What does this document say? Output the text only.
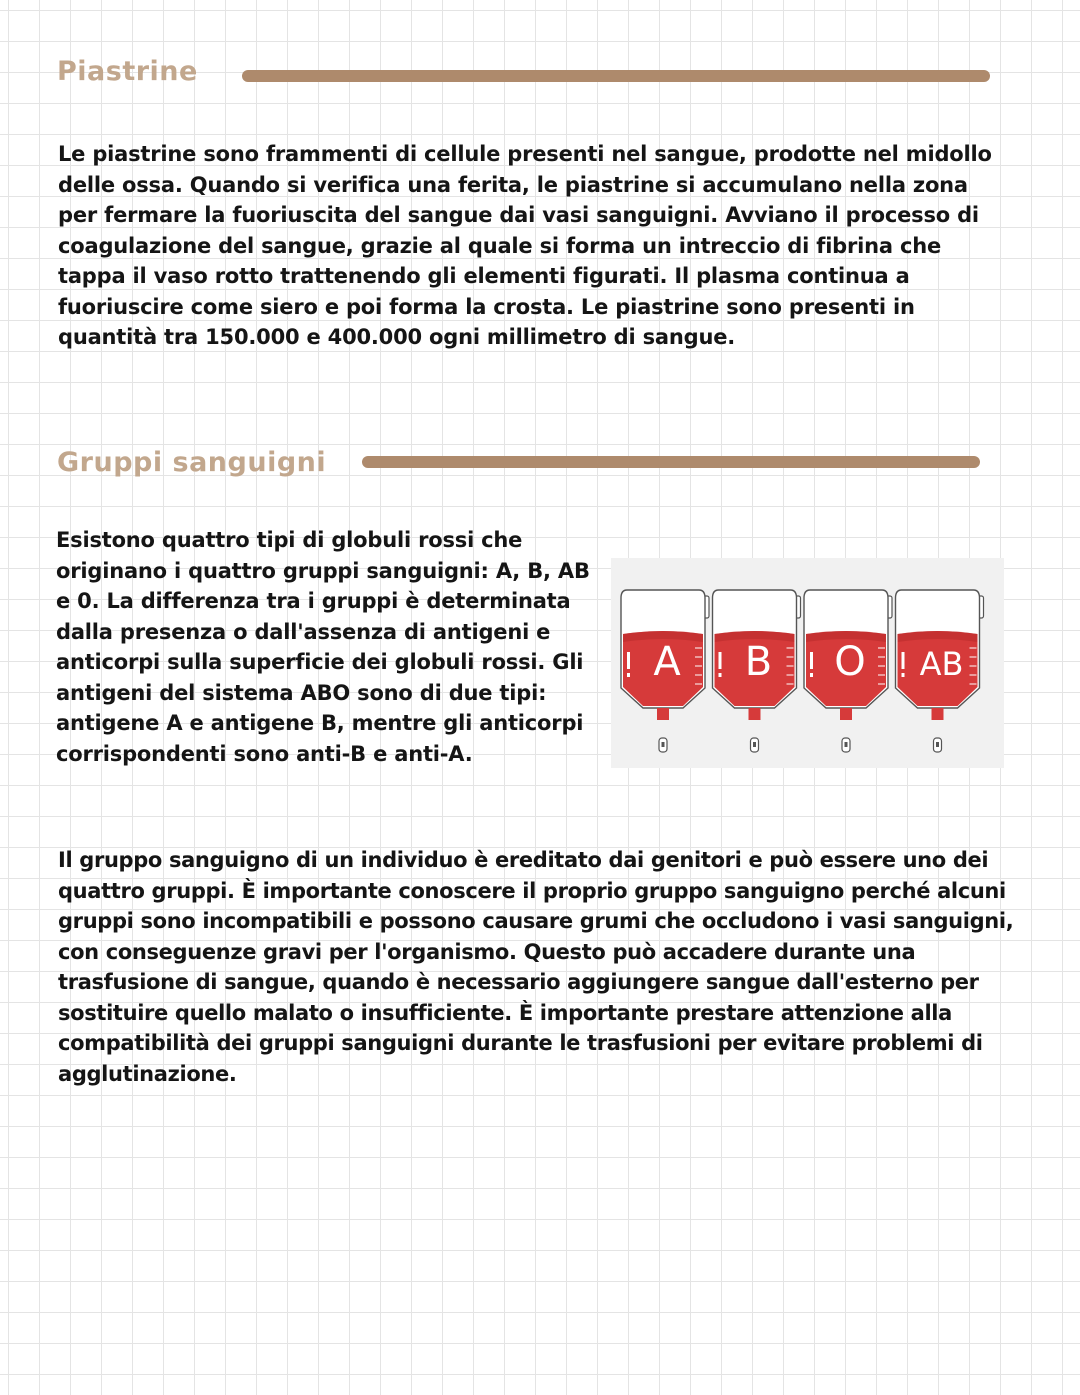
Piastrine

Le piastrine sono frammenti di cellule presenti nel sangue, prodotte nel midollo delle ossa. Quando si verifica una ferita, le piastrine si accumulano nella zona per fermare la fuoriuscita del sangue dai vasi sanguigni. Avviano il processo di coagulazione del sangue, grazie al quale si forma un intreccio di fibrina che tappa il vaso rotto trattenendo gli elementi figurati. Il plasma continua a fuoriuscire come siero e poi forma la crosta. Le piastrine sono presenti in quantità tra 150.000 e 400.000 ogni millimetro di sangue.

Gruppi sanguigni

Esistono quattro tipi di globuli rossi che originano i quattro gruppi sanguigni: A, B, AB e 0. La differenza tra i gruppi è determinata dalla presenza o dall'assenza di antigeni e anticorpi sulla superficie dei globuli rossi. Gli antigeni del sistema ABO sono di due tipi: antigene A e antigene B, mentre gli anticorpi corrispondenti sono anti-B e anti-A.

A B O AB

Il gruppo sanguigno di un individuo è ereditato dai genitori e può essere uno dei quattro gruppi. È importante conoscere il proprio gruppo sanguigno perché alcuni gruppi sono incompatibili e possono causare grumi che occludono i vasi sanguigni, con conseguenze gravi per l'organismo. Questo può accadere durante una trasfusione di sangue, quando è necessario aggiungere sangue dall'esterno per sostituire quello malato o insufficiente. È importante prestare attenzione alla compatibilità dei gruppi sanguigni durante le trasfusioni per evitare problemi di agglutinazione.
